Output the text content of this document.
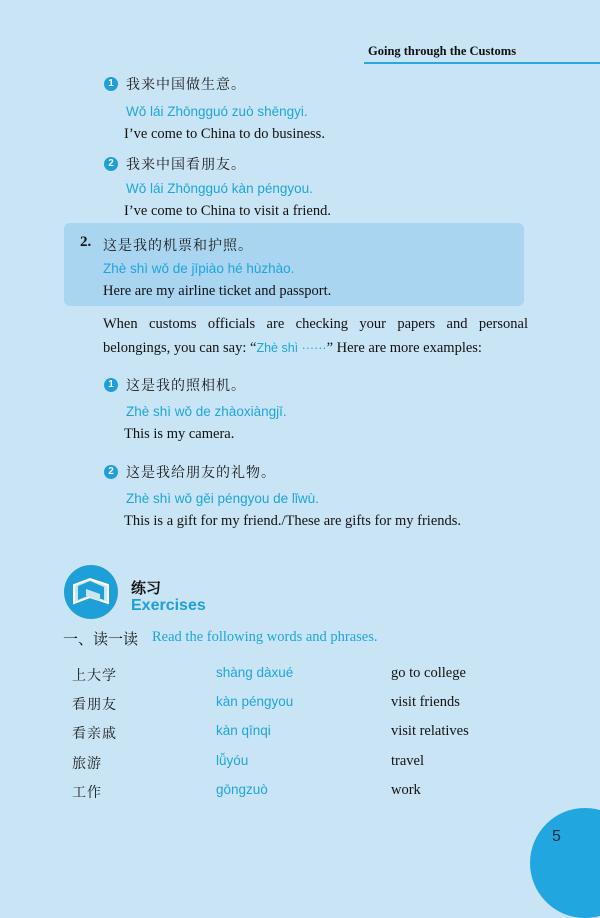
Going through the Customs
1 我来中国做生意。
Wǒ lái Zhōngguó zuò shēngyi.
I’ve come to China to do business.
2 我来中国看朋友。
Wǒ lái Zhōngguó kàn péngyou.
I’ve come to China to visit a friend.
2. 这是我的机票和护照。
Zhè shì wǒ de jīpiào hé hùzhào.
Here are my airline ticket and passport.
When customs officials are checking your papers and personal belongings, you can say: “Zhè shì ······” Here are more examples:
1 这是我的照相机。
Zhè shì wǒ de zhàoxiàngjī.
This is my camera.
2 这是我给朋友的礼物。
Zhè shì wǒ gěi péngyou de lǐwù.
This is a gift for my friend./These are gifts for my friends.
练习
Exercises
一、读一读 Read the following words and phrases.
上大学	shàng dàxué	go to college
看朋友	kàn péngyou	visit friends
看亲戚	kàn qīnqi	visit relatives
旅游	lǚyóu	travel
工作	gōngzuò	work
5
